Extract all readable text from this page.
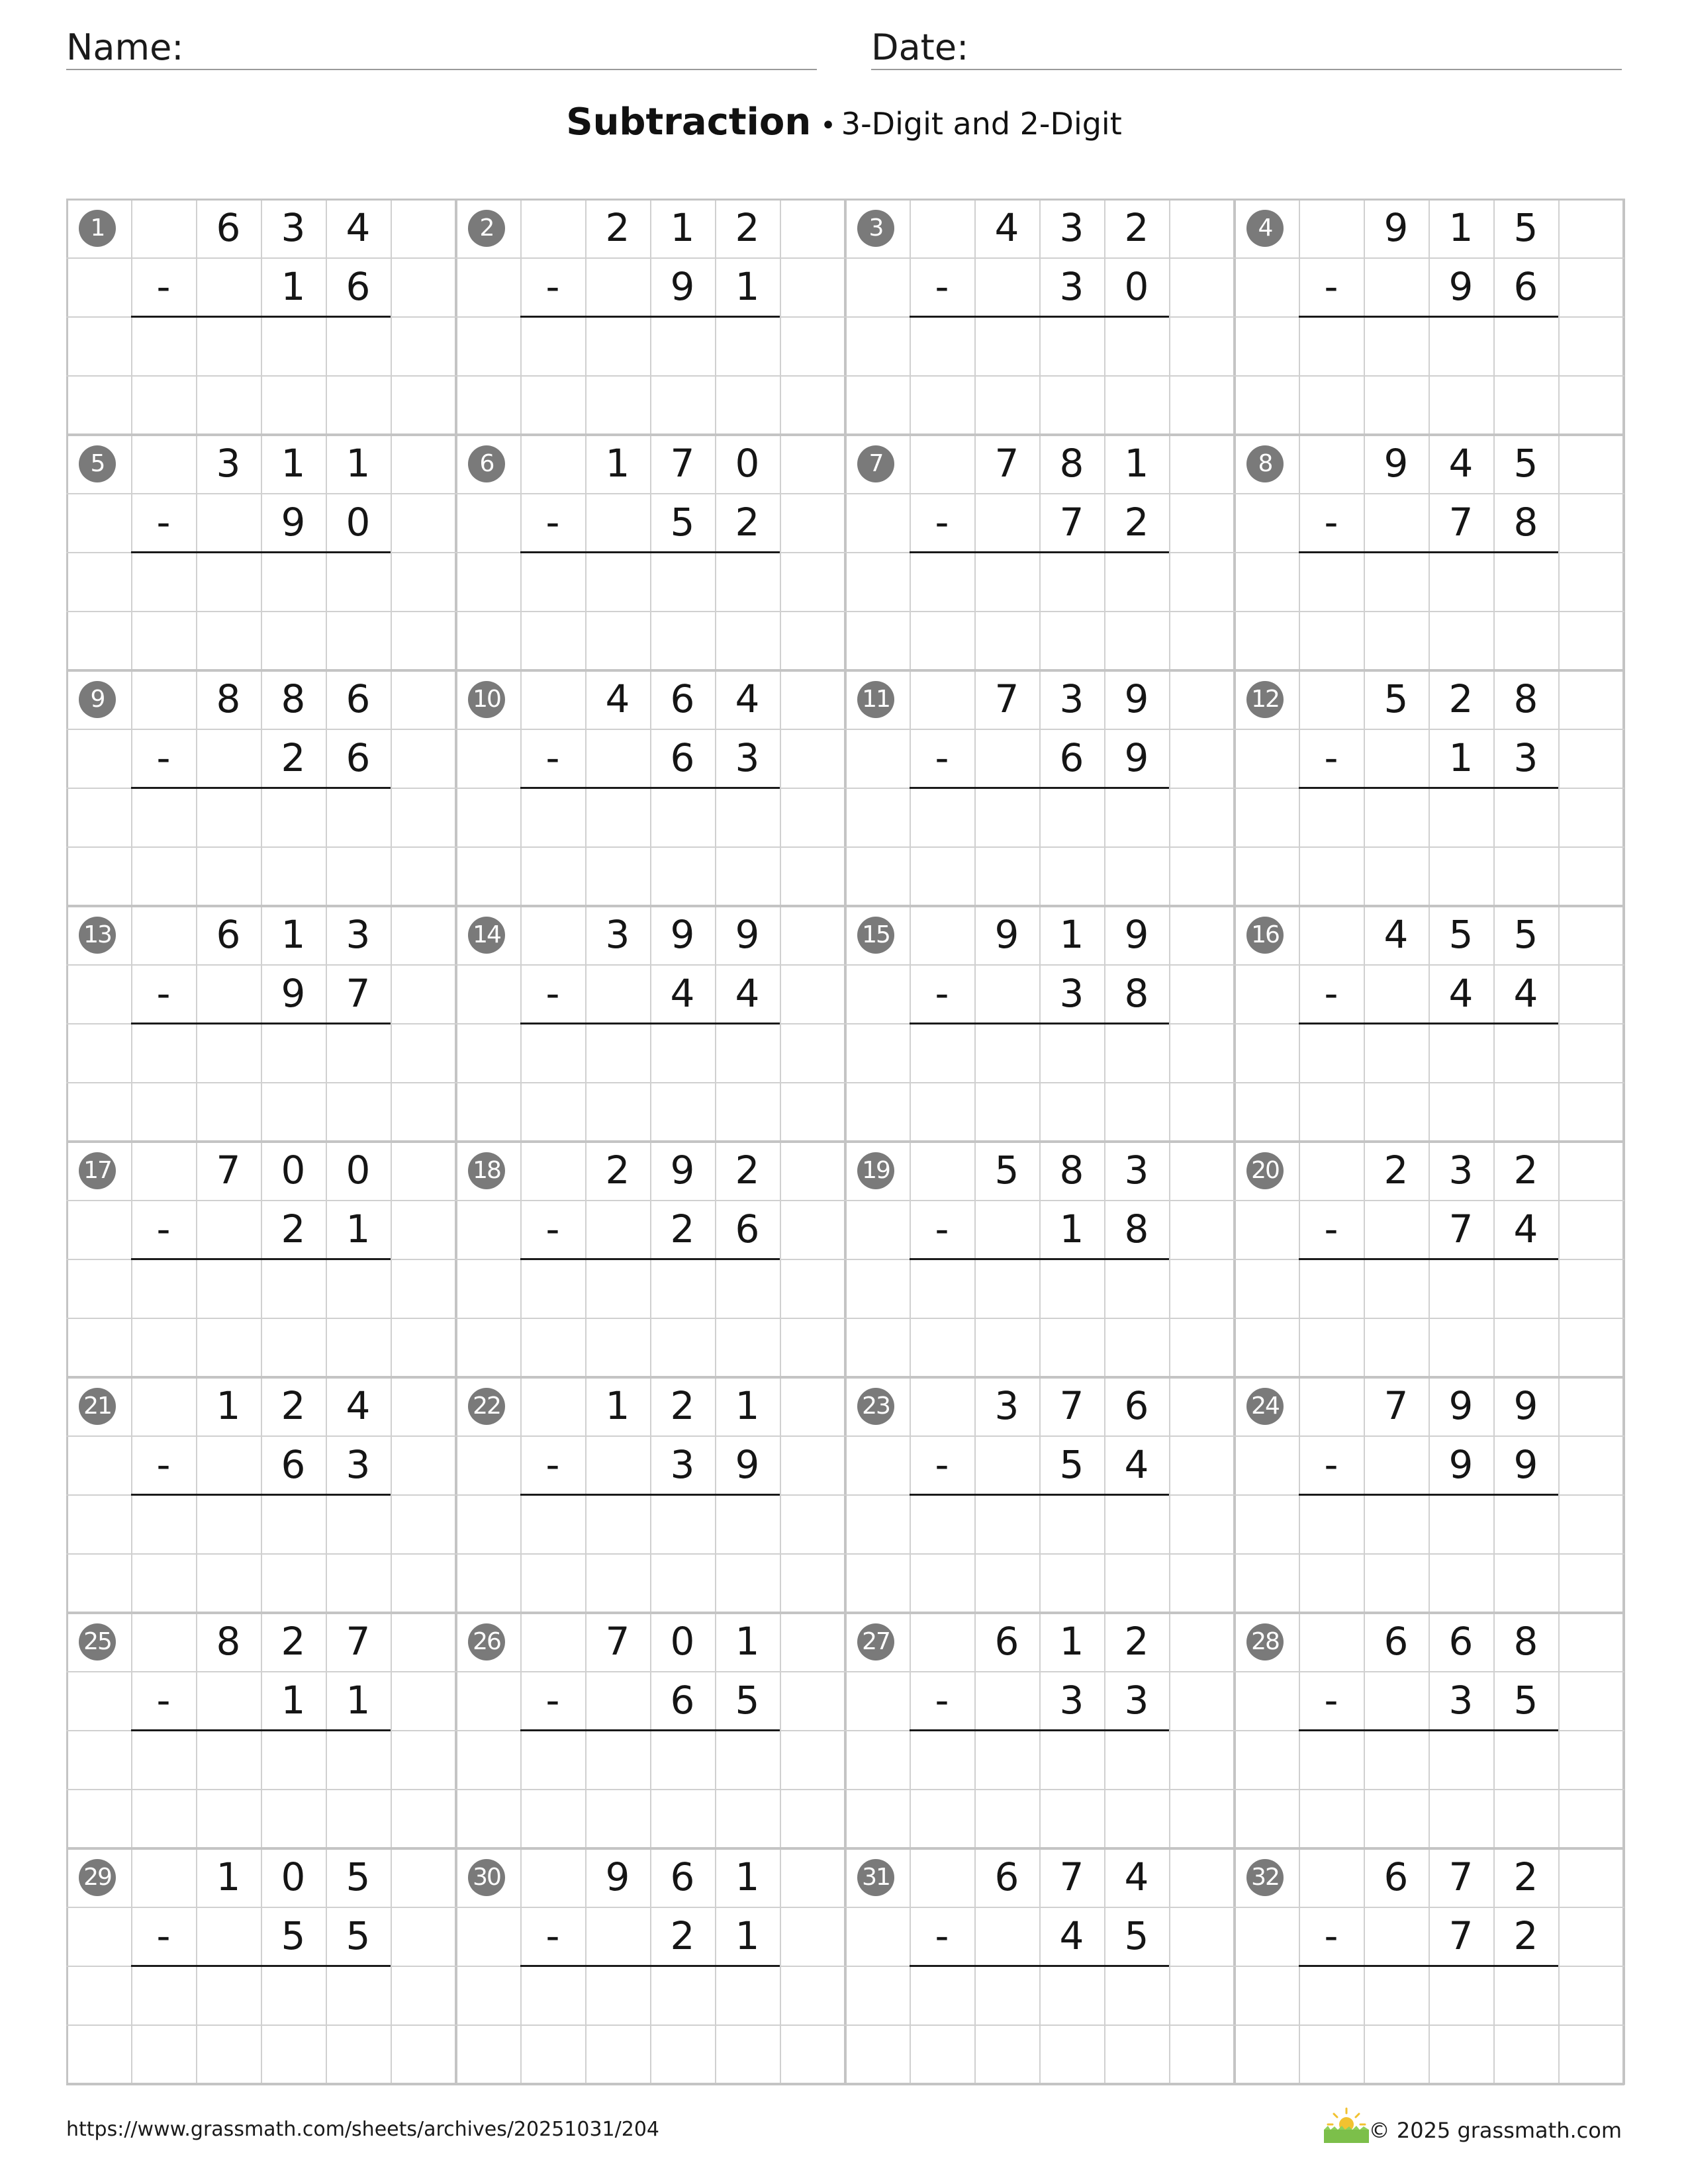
Name:	Date:
Subtraction • 3-Digit and 2-Digit
1	6	3	4
-	1	6
2	2	1	2
-	9	1
3	4	3	2
-	3	0
4	9	1	5
-	9	6
5	3	1	1
-	9	0
6	1	7	0
-	5	2
7	7	8	1
-	7	2
8	9	4	5
-	7	8
9	8	8	6
-	2	6
10	4	6	4
-	6	3
11	7	3	9
-	6	9
12	5	2	8
-	1	3
13	6	1	3
-	9	7
14	3	9	9
-	4	4
15	9	1	9
-	3	8
16	4	5	5
-	4	4
17	7	0	0
-	2	1
18	2	9	2
-	2	6
19	5	8	3
-	1	8
20	2	3	2
-	7	4
21	1	2	4
-	6	3
22	1	2	1
-	3	9
23	3	7	6
-	5	4
24	7	9	9
-	9	9
25	8	2	7
-	1	1
26	7	0	1
-	6	5
27	6	1	2
-	3	3
28	6	6	8
-	3	5
29	1	0	5
-	5	5
30	9	6	1
-	2	1
31	6	7	4
-	4	5
32	6	7	2
-	7	2
https://www.grassmath.com/sheets/archives/20251031/204	© 2025 grassmath.com
